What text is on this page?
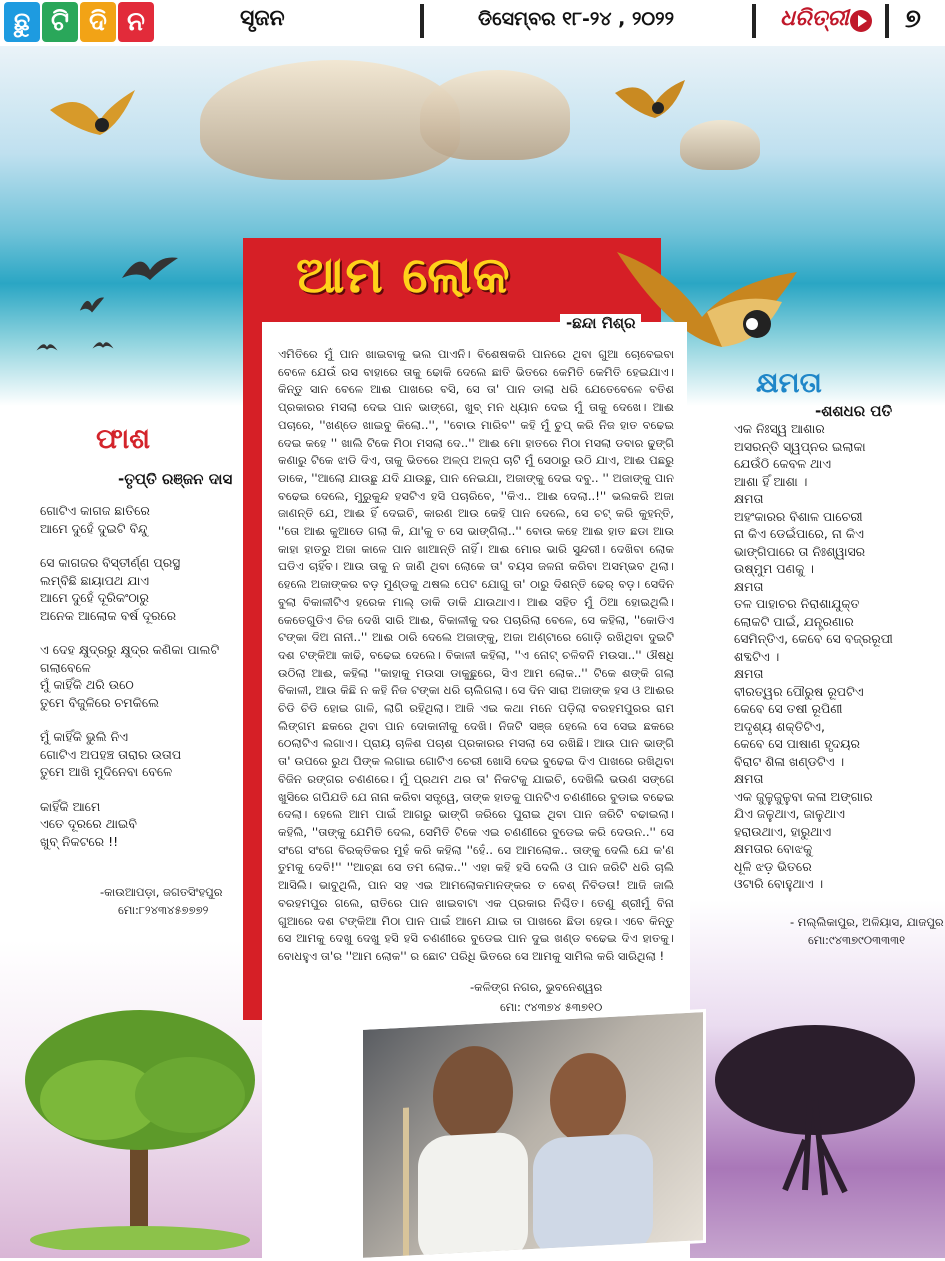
ଛୁ ଟି ଦି ନ	ସୃଜନ	ଡିସେମ୍ବର ୧୮-୨୪ , ୨୦୨୨	ଧରିତ୍ରୀ ୭
ଫାଶ
-ତୃପ୍ତି ରଞ୍ଜନ ଦାସ
ଗୋଟିଏ କାଗଜ ଛାତିରେ
ଆମେ ଦୁହେଁ ଦୁଇଟି ବିନ୍ଦୁ
ସେ କାଗଜର ବିସ୍ତୀର୍ଣ୍ଣ ପ୍ରସ୍ଥ
ଲମ୍ବିଛି ଛାୟାପଥ ଯାଏ
ଆମେ ଦୁହେଁ ଦୂରିକଂଠାରୁ
ଅନେକ ଆଲୋକ ବର୍ଷ ଦୂରରେ
ଏ ଦେହ କ୍ଷୁଦ୍ରରୁ କ୍ଷୁଦ୍ର କଣିକା ପାଲଟି
ଗଲାବେଳେ
ମୁଁ କାହିଁକି ଥରି ଉଠେ
ତୁମେ ବିଜୁଳିରେ ଚମକିଲେ
ମୁଁ କାହିଁକି ଭୁଲି ନିଏ
ଗୋଟିଏ ଅପହଞ୍ଚ ତାରାର ଉତାପ
ତୁମେ ଆଖି ମୁଦିନେବା ବେଳେ
କାହିଁକି ଆମେ
ଏତେ ଦୂରରେ ଥାଇବି
ଖୁବ୍ ନିକଟରେ !!
-କାଉଆପଡ଼ା, ଜଗତସିଂହପୁର
ମୋ:୮୨୪୩୪୫୭୭୭୨
କ୍ଷମତା
-ଶଶଧର ପତି
ଏକ ନିଃସ୍ୱ ଆଶାର
ଅସରନ୍ତି ସ୍ୱପ୍ନର ଇଲାକା
ଯେଉଁଠି କେବଳ ଥାଏ
ଆଶା ହିଁ ଆଶା ।
କ୍ଷମତା
ଅହଂକାରର ବିଶାଳ ପାଚେରୀ
ନା କିଏ ଡେଇଁପାରେ, ନା କିଏ
ଭାଙ୍ଗିପାରେ ତା ନିଃଶ୍ୱାସର
ଉଷ୍ମୁମ ପଣକୁ ।
କ୍ଷମତା
ତଳ ପାହାଚର ନିରାଶାଯୁକ୍ତ
ଲୋକଟି ପାଇଁ, ଯନ୍ତ୍ରଣାର
ସେମିନ୍ତିଏ, କେବେ ସେ ବଜ୍ରରୂପୀ
ଶବ୍ଦଟିଏ ।
କ୍ଷମତା
ବୀରତ୍ୱର ପୌରୁଷ ରୂପଟିଏ
କେବେ ସେ ତଷୀ ରୂପିଣୀ
ଅଦୃଶ୍ୟ ଶକ୍ତିଟିଏ,
କେବେ ସେ ପାଷାଣ ହୃଦୟର
ବିରାଟ ଶିଳା ଖଣ୍ଡଟିଏ ।
କ୍ଷମତା
ଏକ ଜୁଳୁଜୁଳୁବା କଳା ଅଙ୍ଗାର
ଯିଏ ଜଳୁଥାଏ, ଜାଳୁଥାଏ
ହରାଉଥାଏ, ହାରୁଥାଏ
କ୍ଷମତାର ବୋଝକୁ
ଧୂଳି ଝଡ଼ ଭିତରେ
ଓଟାରି ବୋହୁଥାଏ ।
- ମଲ୍ଲିକାପୁର, ଅଳିୟାସ, ଯାଜପୁର
ମୋ:୯୪୩୭୯୦୩୩୩୧
ଆମ ଲୋକ
-ଛନ୍ଦା ମିଶ୍ର
ଏମିତିରେ ମୁଁ ପାନ ଖାଇବାକୁ ଭଲ ପାଏନି। ବିଶେଷକରି ପାନରେ ଥିବା ଗୁଆ ଚୋବେଇବା ବେଳେ ଯେଉଁ ରସ ବାହାରେ ତାକୁ ଢୋକି ଦେଲେ ଛାତି ଭିତରେ କେମିତି କେମିତି ହେଇଯାଏ। କିନ୍ତୁ ସାନ ବେଳେ ଆଈ ପାଖରେ ବସି, ସେ ତା' ପାନ ଡାଲା ଧରି ଯେତେବେଳେ ବତିଶ ପ୍ରକାରର ମସଲା ଦେଇ ପାନ ଭାଙ୍ଗେ, ଖୁବ୍ ମନ ଧ୍ୟାନ ଦେଇ ମୁଁ ତାକୁ ଦେଖେ। ଆଈ ପଚାରେ, ''ଖଣ୍ଡେ ଖାଇବୁ କିଲୋ..'', ''ବୋଉ ମାରିବ'' କହି ମୁଁ ଚୁପ୍ କରି ନିଜ ହାତ ବଢେଇ ଦେଇ କହେ '' ଖାଲି ଟିକେ ମିଠା ମସଲା ଦେ..'' ଆଈ ମୋ ହାତରେ ମିଠା ମସଲା ଡବାର ଢୁଙ୍ଗି କଣାରୁ ଟିକେ ଝାଡି ଦିଏ, ତାକୁ ଭିତରେ ଅଳ୍ପ ଅଳ୍ପ ଚାଟି ମୁଁ ସେଠାରୁ ଉଠି ଯାଏ, ଆଈ ପଛରୁ ଡାକେ, ''ଆଲୋ ଯାଉଛୁ ଯଦି ଯାଉଛୁ, ପାନ ନେଇଯା, ଅଜାଙ୍କୁ ଦେଇ ଦବୁ.. '' ଅଜାଙ୍କୁ ପାନ ବଢେଇ ଦେଲେ, ମୁରୁକୁନ୍ଦ ହସଟିଏ ହସି ପଚାରିବେ, ''କିଏ.. ଆଈ ଦେଲା..!'' ଭଲକରି ଅଜା ଜାଣନ୍ତି ଯେ, ଆଈ ହିଁ ଦେଇଚି, କାରଣ ଆଉ କେହି ପାନ ଦେଲେ, ସେ ଚଟ୍ କରି କୁହନ୍ତି, ''ତୋ ଆଈ କୁଆଡେ ଗଲା କି, ଯା'କୁ ତ ସେ ଭାଙ୍ଗିଲା..'' ବୋଉ କହେ ଆଈ ହାତ ଛଡା ଆଉ କାହା ହାତରୁ ଅଜା କାଳେ ପାନ ଖାଆନ୍ତି ନାହିଁ। ଆଈ ମୋର ଭାରି ସୁନ୍ଦରୀ। ଦେଖିବା ଲୋକ ଘଡିଏ ଚାହିଁବ। ଆଉ ତାକୁ ନ ଜାଣି ଥିବା ଲୋକେ ତା' ବୟସ ଜଳନା କରିବା ଅସମ୍ଭବ ଥିଲା। ହେଲେ ଅଜାଙ୍କର ବଡ଼ ମୁଣ୍ଡକୁ ଥଷଲ ପେଟ ଯୋଗୁ ତା' ଠାରୁ ଦିଶନ୍ତି ଢେର୍ ବଡ଼। ସେଦିନ ବୁଲା ବିକାଳୀଟିଏ ହରେକ ମାଲ୍ ଡାକି ଡାକି ଯାଉଥାଏ। ଆଈ ସହିତ ମୁଁ ଠିଆ ହୋଇଥିଲି। କେତେଗୁଡିଏ ଚିଜ ଦେଖି ସାରି ଆଈ, ବିକାଳୀକୁ ଦର ପଚାରିଲା ବେଳେ, ସେ କହିଲା, ''କୋଡିଏ ଟଙ୍କା ଦିଅ ନାନୀ..'' ଆଈ ଠାରି ଦେଲେ ଅଜାଙ୍କୁ, ଅଜା ଅଣ୍ଟାରେ ଗୋଡ଼ି ରଖିଥିବା ଦୁଇଟି ଦଶ ଟଙ୍କିଆ କାଢି, ବଢେଇ ଦେଲେ। ବିକାଳୀ କହିଲା, ''ଏ ନୋଟ୍ ଚଳିବନି ମଉସା..'' ଔଷଧି ଉଠିଲା ଆଈ, କହିଲା ''କାହାକୁ ମଉସା ଡାକୁଛୁରେ, ସିଏ ଆମ ଲୋକ..'' ଟିକେ ଶଙ୍କି ଗଲା ବିକାଳୀ, ଆଉ କିଛି ନ କହି ନିଜ ଟଙ୍କା ଧରି ଚାଲିଗଲା। ସେ ଦିନ ସାରା ଅଜାଙ୍କ ହସ ଓ ଆଈର ଚିଡି ଚିଡି ହୋଇ ଗାଳି, ଲାଗି ରହିଥିଲା। ଆଜି ଏଇ କଥା ମନେ ପଡ଼ିଲା ବରହମପୁରର ରାମ ଲିଙ୍ଗମ ଛକରେ ଥିବା ପାନ ଦୋକାନୀକୁ ଦେଖି। ନିଜଟି ସଞ୍ଜ ହେଲେ ସେ ସେଇ ଛକରେ ଠେଲାଟିଏ ଲଗାଏ। ପ୍ରାୟ ଚାଳିଶ ପଚାଶ ପ୍ରକାରର ମସଲା ସେ ରଖିଛି। ଆଉ ପାନ ଭାଙ୍ଗି ତା' ଉପରେ ରୁଥ ପିଙ୍କ ଲଗାଇ ଗୋଟିଏ ଚେରୀ ଖୋସି ଦେଇ ବୁଢେଇ ଦିଏ ପାଖରେ ରଖିଥିବା ବିଜିନ ରଙ୍ଗର ଚଣଣରେ। ମୁଁ ପ୍ରଥମ ଥର ତା' ନିକଟକୁ ଯାଇଚି, ଦେଖିଲି ଭଉଣ ସଙ୍ଗେ ଖୁସିରେ ଗପିଯତି ଯେ ନାନା କରିବା ସତ୍ତ୍ୱେ, ତାଙ୍କ ହାତକୁ ପାନଟିଏ ଚଣଣୀରେ ବୁଡାଇ ବଢେଇ ଦେଲା। ହେଲେ ଆମ ପାଇଁ ଆଗରୁ ଭାଙ୍ଗି ଜରିରେ ପୁରାଇ ଥିବା ପାନ ଜରିଟି ବଢାଇଲା। କହିଲି, ''ତାଙ୍କୁ ଯେମିତି ଦେଲ, ସେମିତି ଟିକେ ଏଇ ଚଣଣୀରେ ବୁଡେଇ କରି ଦେଉନ..'' ସେ ସଂଗେ ସଂଗେ ବିରକ୍ତିକର ମୁହଁ କରି କହିଲା ''ହେଁ.. ସେ ଆମଲୋକ.. ତାଙ୍କୁ ଦେଲି ଯେ କ'ଣ ତୁମକୁ ଦେବି!'' ''ଆଚ୍ଛା ସେ ତମ ଲୋକ..'' ଏହା କହି ହସି ଦେଲି ଓ ପାନ ଜରିଟି ଧରି ଚାଲି ଆସିଲି। ଭାବୁଥିଲି, ପାନ ସହ ଏଇ ଆମଲୋକମାନଙ୍କର ତ ବେଶ୍ ନିବିଡତା! ଆଜି ଜାଲି ବରହମପୁର ଗଲେ, ରାତିରେ ପାନ ଖାଇବାଟା ଏକ ପ୍ରକାର ନିଶ୍ଚିତ। ତେଣୁ ଶ୍ରୀମୁଁ ବିନା ଗୁଆରେ ଦଶ ଟଙ୍କିଆ ମିଠା ପାନ ପାଇଁ ଆମେ ଯାଇ ତା ପାଖରେ ଛିଡା ହେଉ। ଏବେ କିନ୍ତୁ ସେ ଆମକୁ ଦେଖୁ ଦେଖୁ ହସି ହସି ଚଣଣୀରେ ବୁଡେଇ ପାନ ଦୁଇ ଖଣ୍ଡ ବଢେଇ ଦିଏ ହାତକୁ। ବୋଧହୁଏ ତା'ର ''ଆମ ଲୋକ'' ର ଛୋଟ ପରିଧି ଭିତରେ ସେ ଆମକୁ ସାମିଲ କରି ସାରିଥିଲା !
-କଳିଙ୍ଗ ନଗର, ଭୁବନେଶ୍ୱର
ମୋ: ୯୪୩୭୪ ୫୩୭୧୦
